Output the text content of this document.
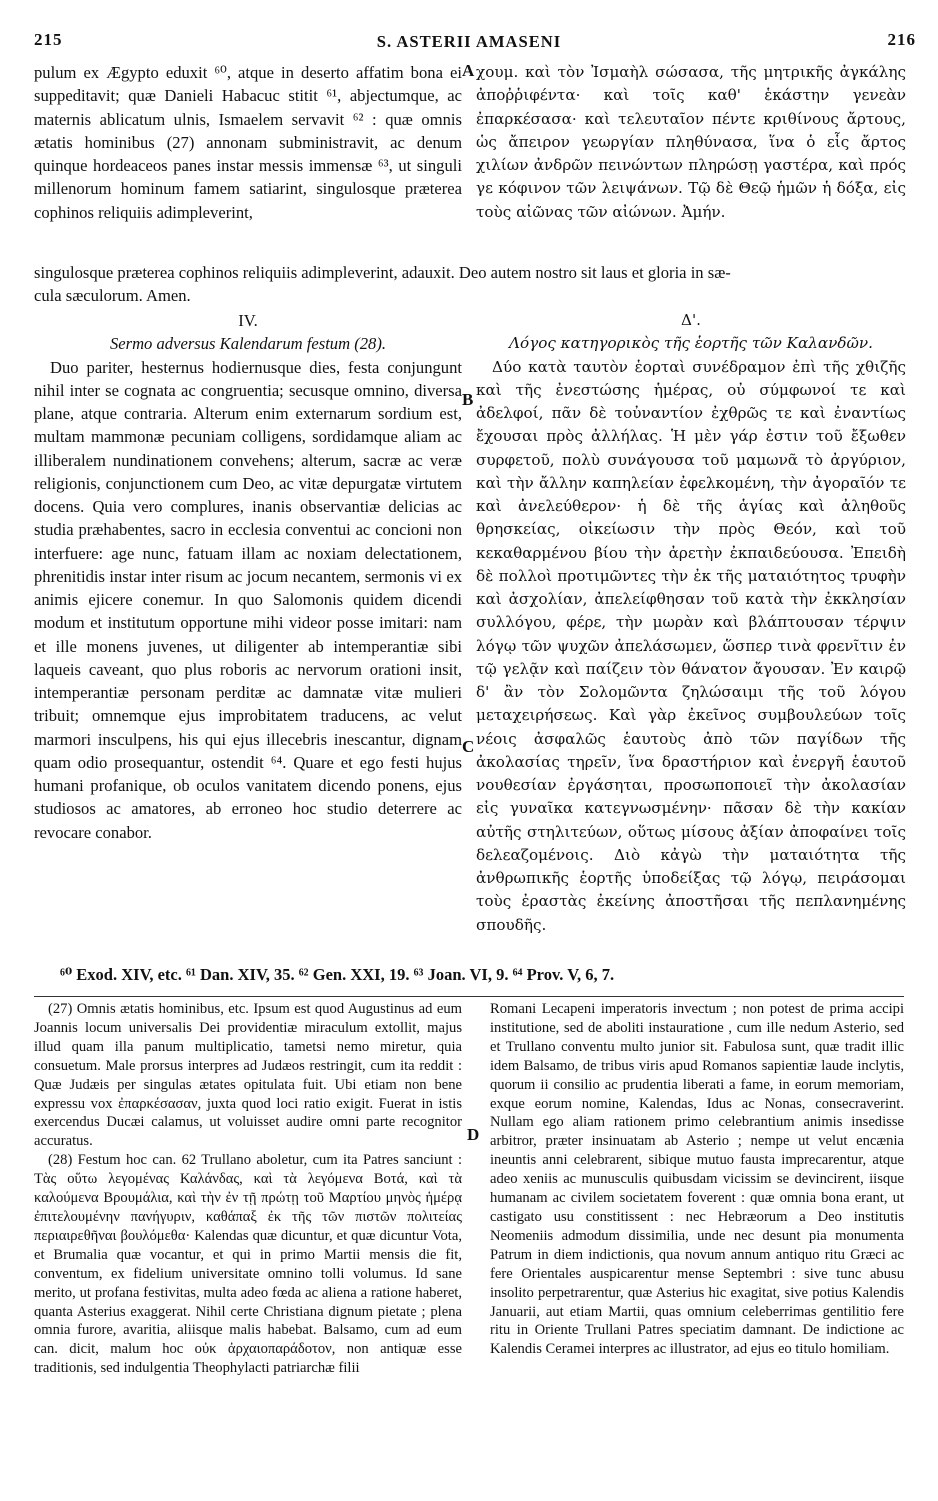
215	S. ASTERII AMASENI	216

pulum ex Ægypto eduxit ⁶⁰, atque in deserto affatim bona ei suppeditavit; quæ Danieli Habacuc stitit ⁶¹, abjectumque, ac maternis ablicatum ulnis, Ismaelem servavit ⁶² : quæ omnis ætatis hominibus (27) annonam subministravit, ac denum quinque hordeaceos panes instar messis immensæ ⁶³, ut singuli millenorum hominum famem satiarint, singulosque præterea cophinos reliquiis adimpleverint,

χουμ. καὶ τὸν Ἰσμαὴλ σώσασα, τῆς μητρικῆς ἀγκάλης ἀποῤῥιφέντα· καὶ τοῖς καθ' ἑκάστην γενεὰν ἐπαρκέσασα· καὶ τελευταῖον πέντε κριθίνους ἄρτους, ὡς ἄπειρον γεωργίαν πληθύνασα, ἵνα ὁ εἷς ἄρτος χιλίων ἀνδρῶν πεινώντων πληρώσῃ γαστέρα, καὶ πρός γε κόφινον τῶν λειψάνων. Τῷ δὲ Θεῷ ἡμῶν ἡ δόξα, εἰς τοὺς αἰῶνας τῶν αἰώνων. Ἀμήν.

singulosque præterea cophinos reliquiis adimpleverint, adauxit. Deo autem nostro sit laus et gloria in sæ-
cula sæculorum. Amen.
A
B
C
D

IV.

Sermo adversus Kalendarum festum (28).

Duo pariter, hesternus hodiernusque dies, festa conjungunt nihil inter se cognata ac congruentia; secusque omnino, diversa plane, atque contraria. Alterum enim externarum sordium est, multam mammonæ pecuniam colligens, sordidamque aliam ac illiberalem nundinationem convehens; alterum, sacræ ac veræ religionis, conjunctionem cum Deo, ac vitæ depurgatæ virtutem docens. Quia vero complures, inanis observantiæ delicias ac studia præhabentes, sacro in ecclesia conventui ac concioni non interfuere: age nunc, fatuam illam ac noxiam delectationem, phrenitidis instar inter risum ac jocum necantem, sermonis vi ex animis ejicere conemur. In quo Salomonis quidem dicendi modum et institutum opportune mihi videor posse imitari: nam et ille monens juvenes, ut diligenter ab intemperantiæ sibi laqueis caveant, quo plus roboris ac nervorum orationi insit, intemperantiæ personam perditæ ac damnatæ vitæ mulieri tribuit; omnemque ejus improbitatem traducens, ac velut marmori insculpens, his qui ejus illecebris inescantur, dignam quam odio prosequantur, ostendit ⁶⁴. Quare et ego festi hujus humani profanique, ob oculos vanitatem dicendo ponens, ejus studiosos ac amatores, ab erroneo hoc studio deterrere ac revocare conabor.

Δ'.

Λόγος κατηγορικὸς τῆς ἑορτῆς τῶν Καλανδῶν.

Δύο κατὰ ταυτὸν ἑορταὶ συνέδραμον ἐπὶ τῆς χθιζῆς καὶ τῆς ἐνεστώσης ἡμέρας, οὐ σύμφωνοί τε καὶ ἀδελφοί, πᾶν δὲ τοὐναντίον ἐχθρῶς τε καὶ ἐναντίως ἔχουσαι πρὸς ἀλλήλας. Ἡ μὲν γάρ ἐστιν τοῦ ἔξωθεν συρφετοῦ, πολὺ συνάγουσα τοῦ μαμωνᾶ τὸ ἀργύριον, καὶ τὴν ἄλλην καπηλείαν ἐφελκομένη, τὴν ἀγοραῖόν τε καὶ ἀνελεύθερον· ἡ δὲ τῆς ἁγίας καὶ ἀληθοῦς θρησκείας, οἰκείωσιν τὴν πρὸς Θεόν, καὶ τοῦ κεκαθαρμένου βίου τὴν ἀρετὴν ἐκπαιδεύουσα. Ἐπειδὴ δὲ πολλοὶ προτιμῶντες τὴν ἐκ τῆς ματαιότητος τρυφὴν καὶ ἀσχολίαν, ἀπελείφθησαν τοῦ κατὰ τὴν ἐκκλησίαν συλλόγου, φέρε, τὴν μωρὰν καὶ βλάπτουσαν τέρψιν λόγῳ τῶν ψυχῶν ἀπελάσωμεν, ὥσπερ τινὰ φρενῖτιν ἐν τῷ γελᾷν καὶ παίζειν τὸν θάνατον ἄγουσαν. Ἐν καιρῷ δ' ἂν τὸν Σολομῶντα ζηλώσαιμι τῆς τοῦ λόγου μεταχειρήσεως. Καὶ γὰρ ἐκεῖνος συμβουλεύων τοῖς νέοις ἀσφαλῶς ἑαυτοὺς ἀπὸ τῶν παγίδων τῆς ἀκολασίας τηρεῖν, ἵνα δραστήριον καὶ ἐνεργῆ ἑαυτοῦ νουθεσίαν ἐργάσηται, προσωποποιεῖ τὴν ἀκολασίαν εἰς γυναῖκα κατεγνωσμένην· πᾶσαν δὲ τὴν κακίαν αὐτῆς στηλιτεύων, οὕτως μίσους ἀξίαν ἀποφαίνει τοῖς δελεαζομένοις. Διὸ κἀγὼ τὴν ματαιότητα τῆς ἀνθρωπικῆς ἑορτῆς ὑποδείξας τῷ λόγῳ, πειράσομαι τοὺς ἐραστὰς ἐκείνης ἀποστῆσαι τῆς πεπλανημένης σπουδῆς.

⁶⁰ Exod. XIV, etc. ⁶¹ Dan. XIV, 35. ⁶² Gen. XXI, 19. ⁶³ Joan. VI, 9. ⁶⁴ Prov. V, 6, 7.

(27) Omnis ætatis hominibus, etc. Ipsum est quod Augustinus ad eum Joannis locum universalis Dei providentiæ miraculum extollit, majus illud quam illa panum multiplicatio, tametsi nemo miretur, quia consuetum. Male prorsus interpres ad Judæos restringit, cum ita reddit : Quæ Judæis per singulas ætates opitulata fuit. Ubi etiam non bene expressu vox ἐπαρκέσασαν, juxta quod loci ratio exigit. Fuerat in istis exercendus Ducæi calamus, ut voluisset audire omni parte recognitor accuratus.

(28) Festum hoc can. 62 Trullano aboletur, cum ita Patres sanciunt : Τὰς οὕτω λεγομένας Καλάνδας, καὶ τὰ λεγόμενα Βοτά, καὶ τὰ καλούμενα Βρουμάλια, καὶ τὴν ἐν τῇ πρώτῃ τοῦ Μαρτίου μηνὸς ἡμέρᾳ ἐπιτελουμένην πανήγυριν, καθάπαξ ἐκ τῆς τῶν πιστῶν πολιτείας περιαιρεθῆναι βουλόμεθα· Kalendas quæ dicuntur, et quæ dicuntur Vota, et Brumalia quæ vocantur, et qui in primo Martii mensis die fit, conventum, ex fidelium universitate omnino tolli volumus. Id sane merito, ut profana festivitas, multa adeo fœda ac aliena a ratione haberet, quanta Asterius exaggerat. Nihil certe Christiana dignum pietate ; plena omnia furore, avaritia, aliisque malis habebat. Balsamo, cum ad eum can. dicit, malum hoc οὐκ ἀρχαιοπαράδοτον, non antiquæ esse traditionis, sed indulgentia Theophylacti patriarchæ filii

Romani Lecapeni imperatoris invectum ; non potest de prima accipi institutione, sed de aboliti instauratione , cum ille nedum Asterio, sed et Trullano conventu multo junior sit. Fabulosa sunt, quæ tradit illic idem Balsamo, de tribus viris apud Romanos sapientiæ laude inclytis, quorum ii consilio ac prudentia liberati a fame, in eorum memoriam, exque eorum nomine, Kalendas, Idus ac Nonas, consecraverint. Nullam ego aliam rationem primo celebrantium animis insedisse arbitror, præter insinuatam ab Asterio ; nempe ut velut encænia ineuntis anni celebrarent, sibique mutuo fausta imprecarentur, atque adeo xeniis ac munusculis quibusdam vicissim se devincirent, iisque humanam ac civilem societatem foverent : quæ omnia bona erant, ut castigato usu constitissent : nec Hebræorum a Deo institutis Neomeniis admodum dissimilia, unde nec desunt pia monumenta Patrum in diem indictionis, qua novum annum antiquo ritu Græci ac fere Orientales auspicarentur mense Septembri : sive tunc abusu insolito perpetrarentur, quæ Asterius hic exagitat, sive potius Kalendis Januarii, aut etiam Martii, quas omnium celeberrimas gentilitio fere ritu in Oriente Trullani Patres speciatim damnant. De indictione ac Kalendis Ceramei interpres ac illustrator, ad ejus eo titulo homiliam.
